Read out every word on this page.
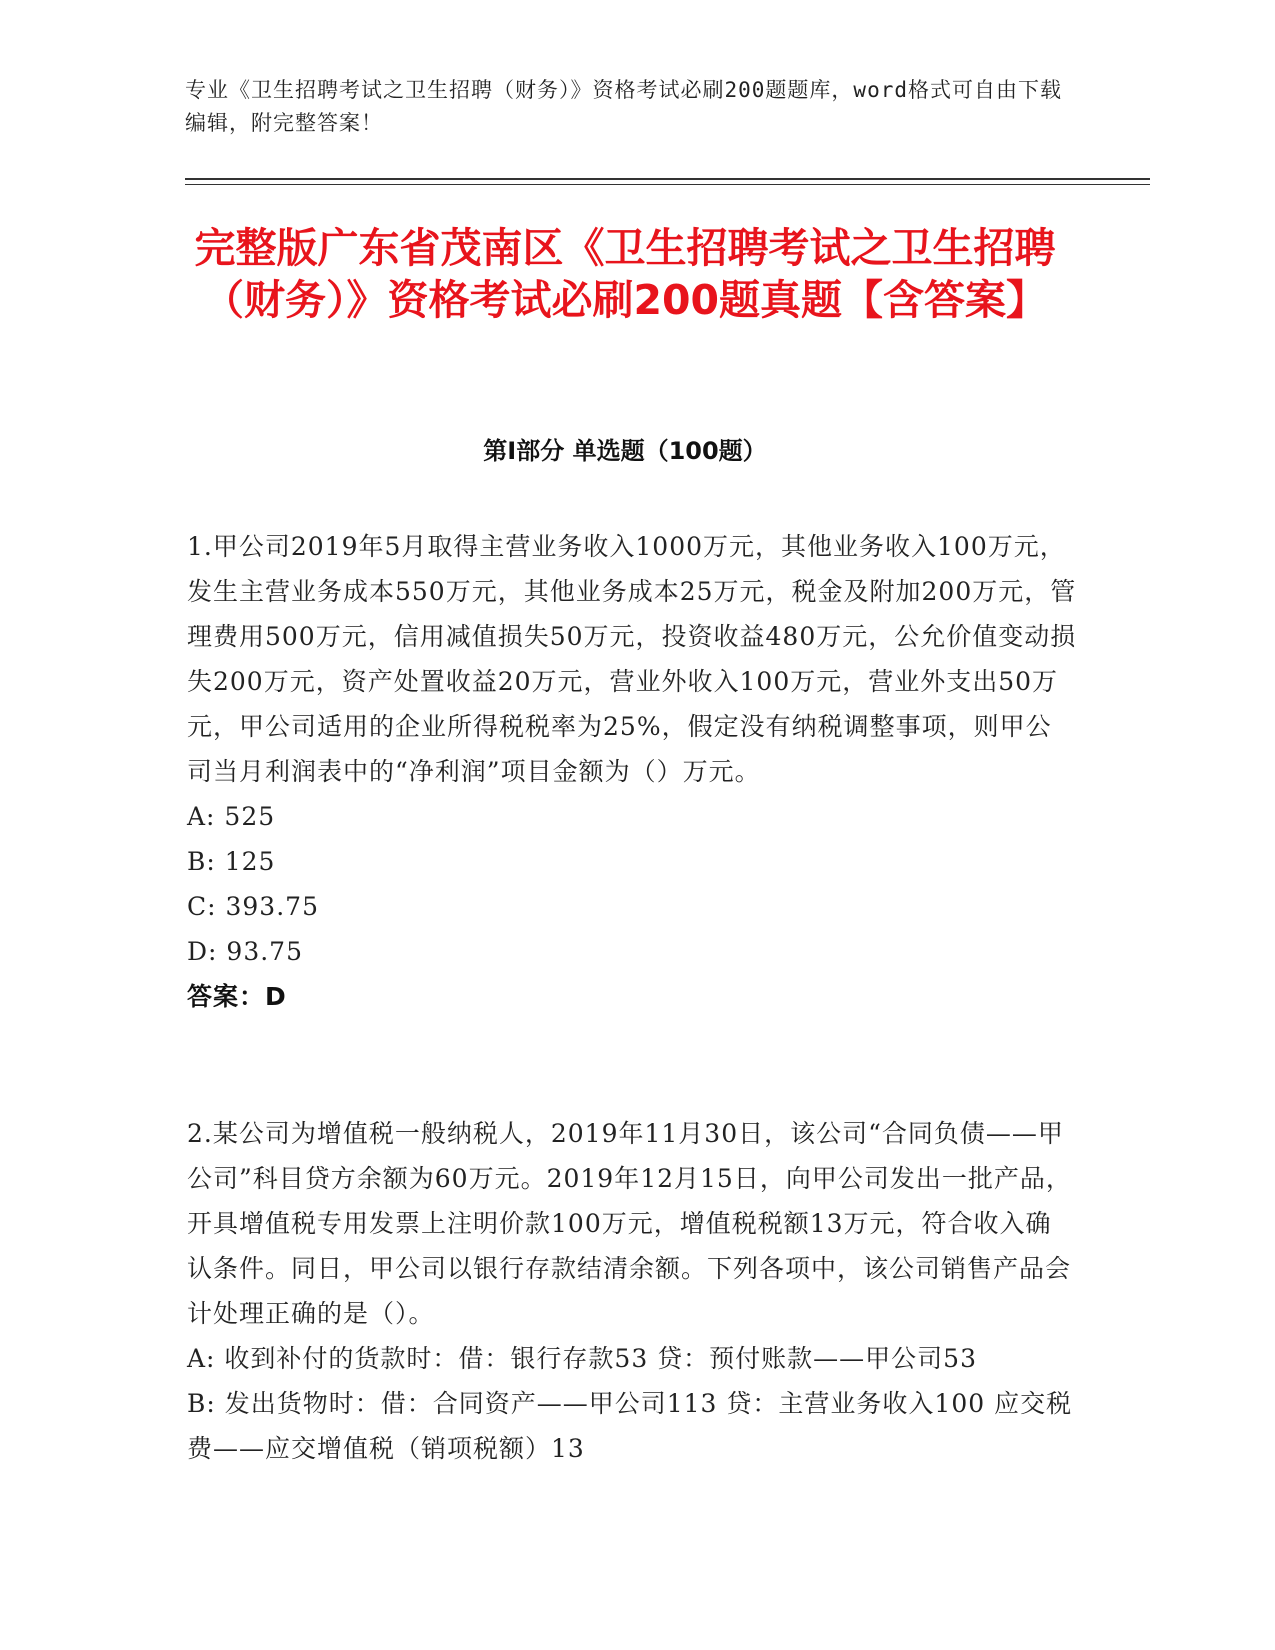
专业《卫生招聘考试之卫生招聘（财务）》资格考试必刷200题题库，word格式可自由下载编辑，附完整答案！
完整版广东省茂南区《卫生招聘考试之卫生招聘（财务）》资格考试必刷200题真题【含答案】
第I部分 单选题（100题）

1.甲公司2019年5月取得主营业务收入1000万元，其他业务收入100万元，发生主营业务成本550万元，其他业务成本25万元，税金及附加200万元，管理费用500万元，信用减值损失50万元，投资收益480万元，公允价值变动损失200万元，资产处置收益20万元，营业外收入100万元，营业外支出50万元，甲公司适用的企业所得税税率为25%，假定没有纳税调整事项，则甲公司当月利润表中的“净利润”项目金额为（）万元。

A: 525

B: 125

C: 393.75

D: 93.75

答案：D

2.某公司为增值税一般纳税人，2019年11月30日，该公司“合同负债——甲公司”科目贷方余额为60万元。2019年12月15日，向甲公司发出一批产品，开具增值税专用发票上注明价款100万元，增值税税额13万元，符合收入确认条件。同日，甲公司以银行存款结清余额。下列各项中，该公司销售产品会计处理正确的是（）。

A: 收到补付的货款时：借：银行存款53 贷：预付账款——甲公司53

B: 发出货物时：借：合同资产——甲公司113 贷：主营业务收入100 应交税费——应交增值税（销项税额）13
